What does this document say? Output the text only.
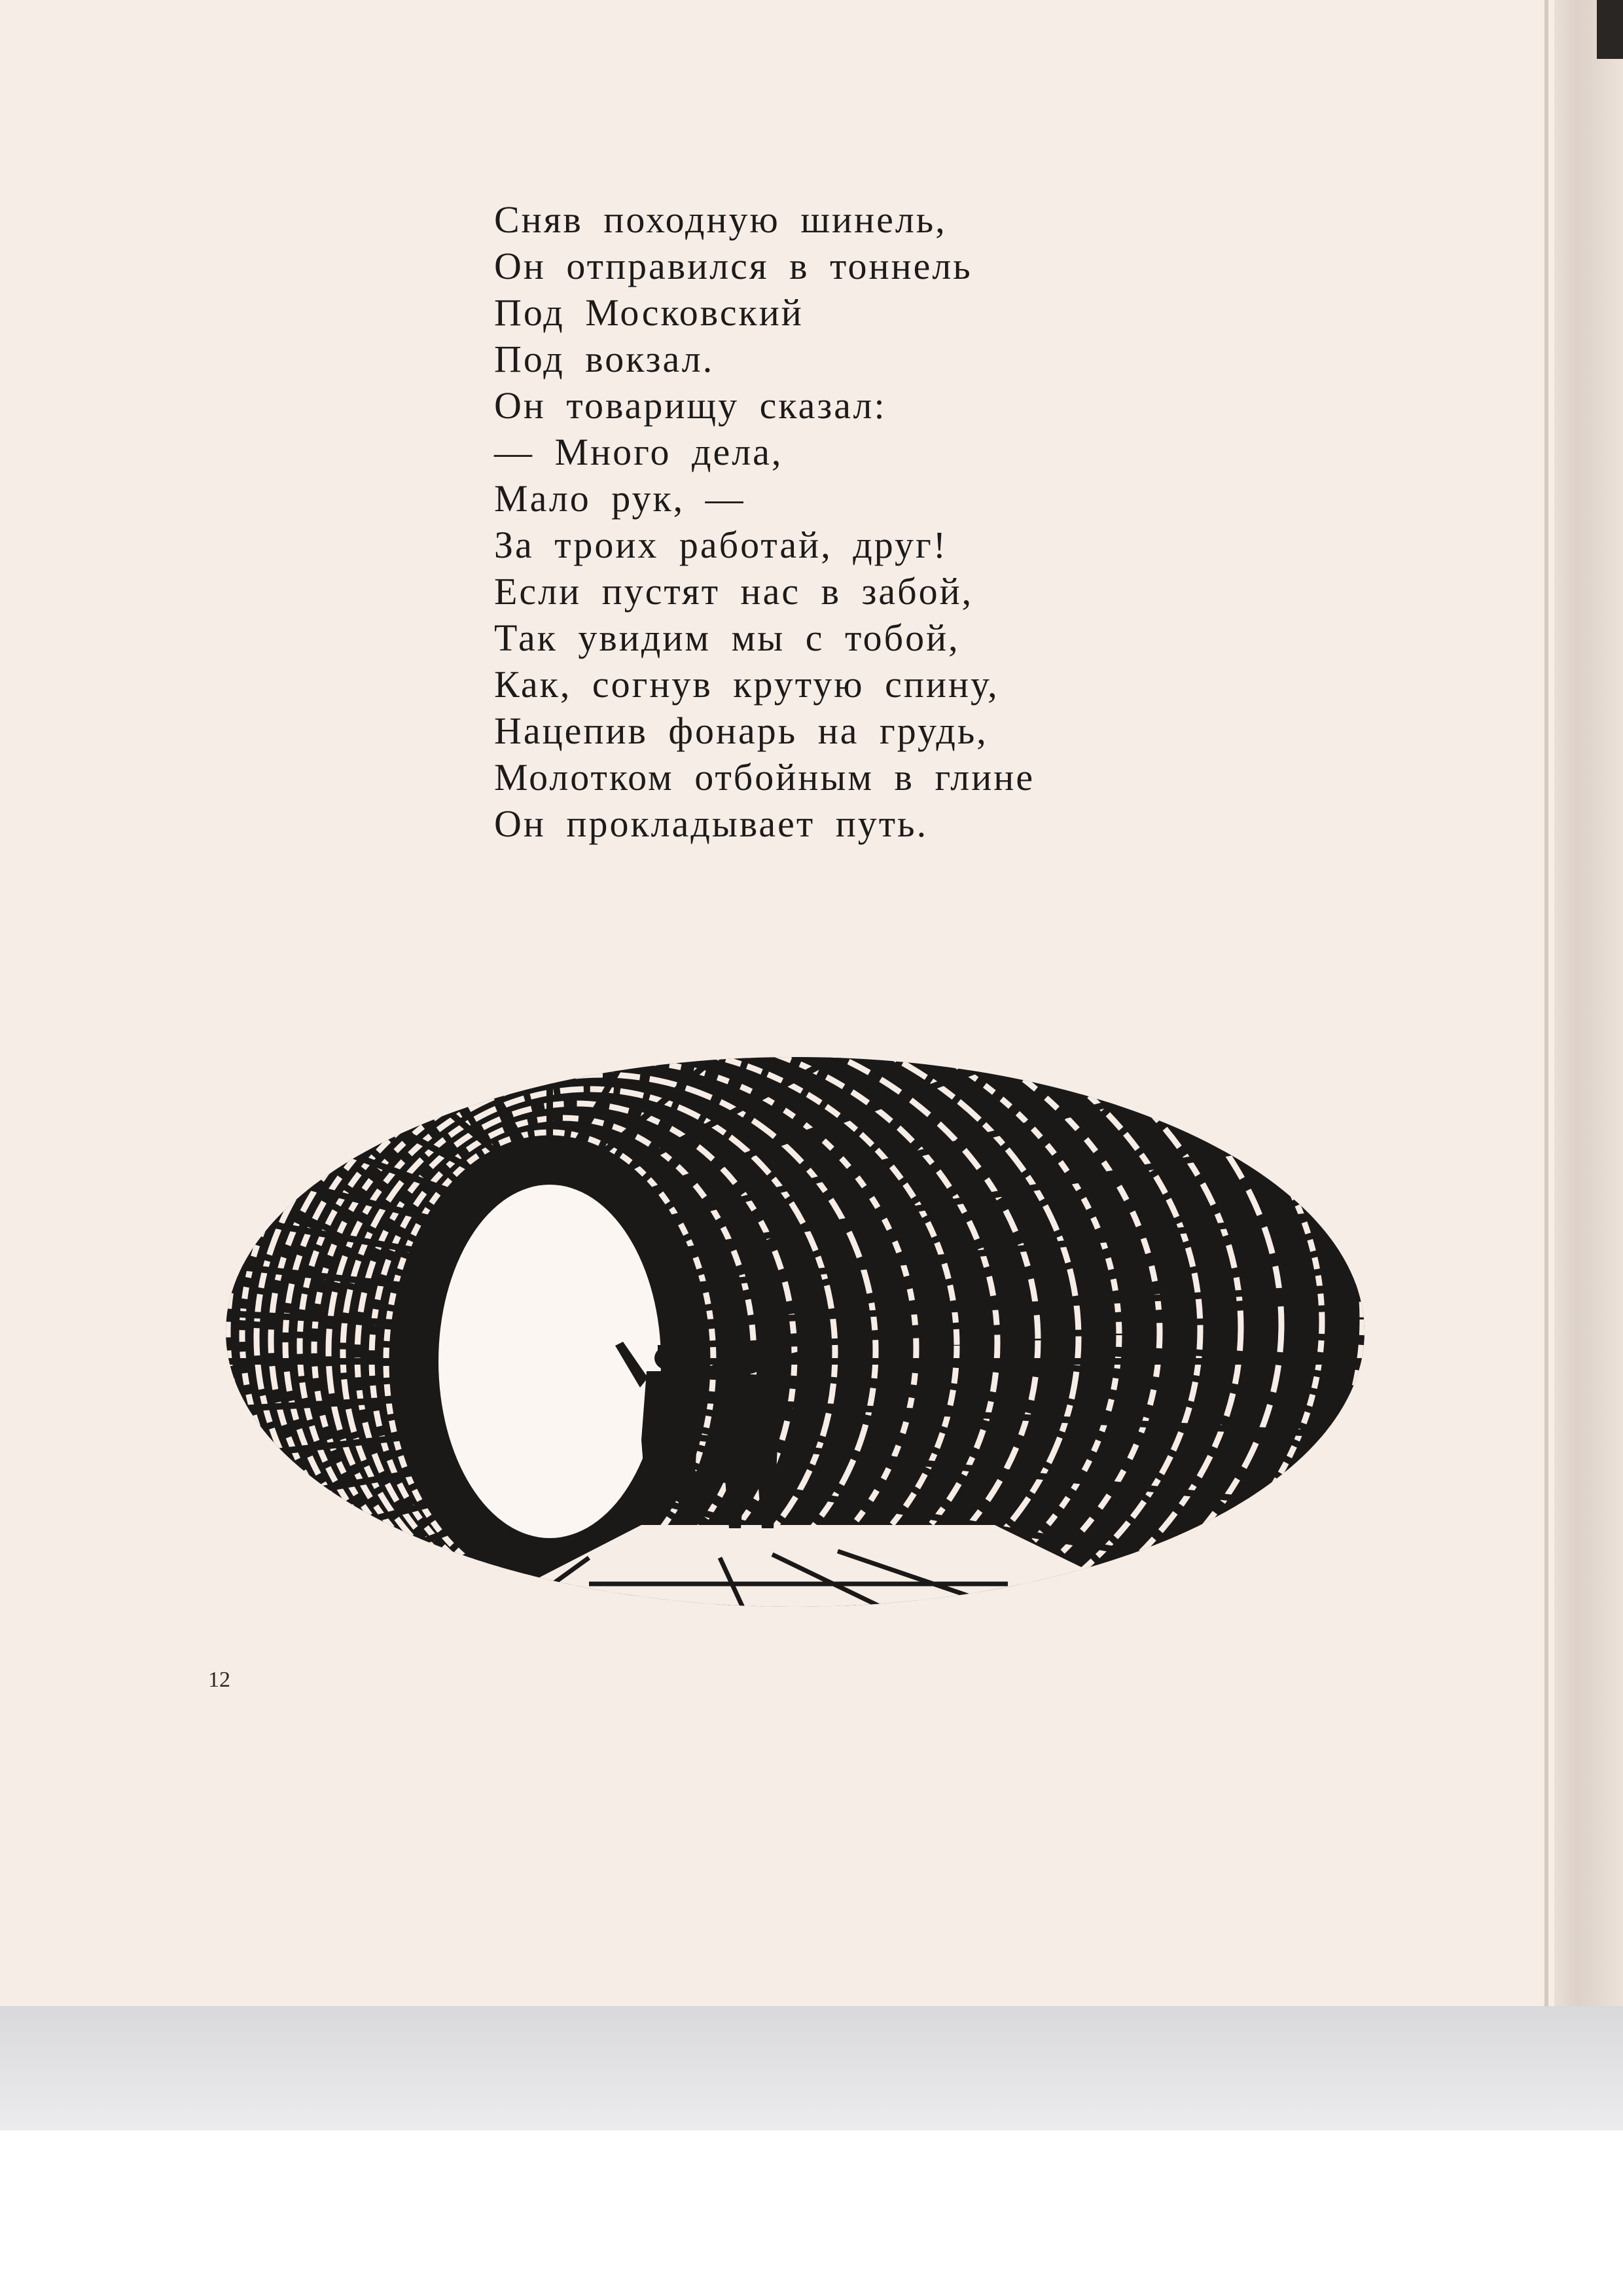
Сняв походную шинель,
Он отправился в тоннель
Под Московский
Под вокзал.
Он товарищу сказал:
— Много дела,
Мало рук, —
За троих работай, друг!
Если пустят нас в забой,
Так увидим мы с тобой,
Как, согнув крутую спину,
Нацепив фонарь на грудь,
Молотком отбойным в глине
Он прокладывает путь.
12
